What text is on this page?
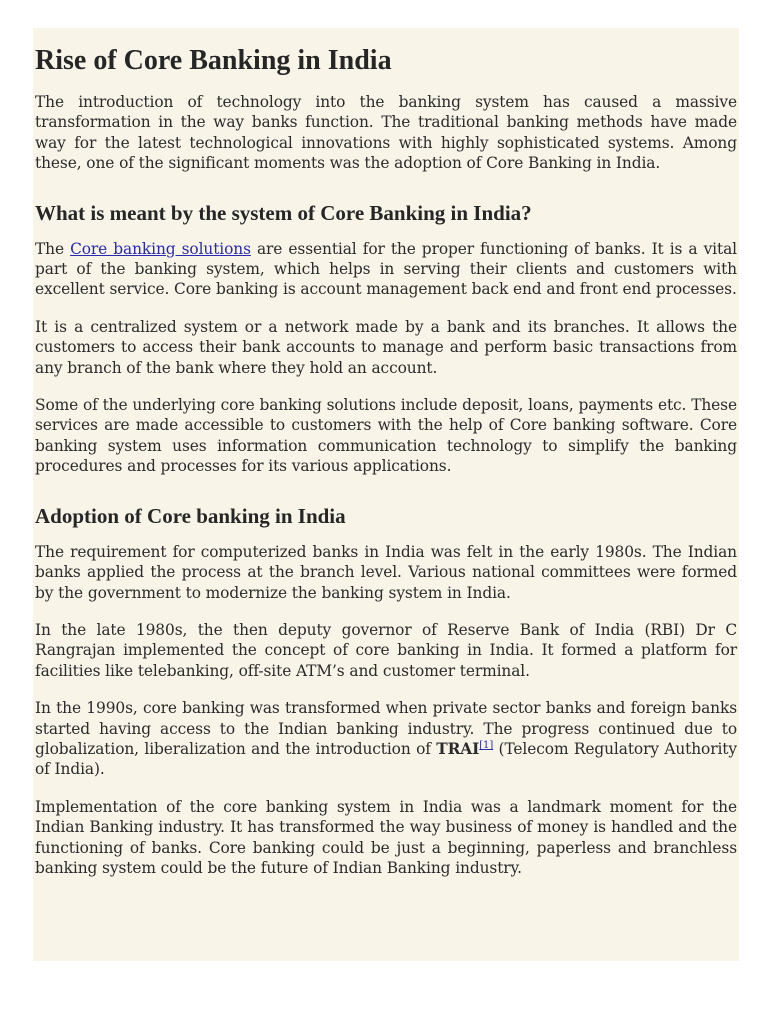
Rise of Core Banking in India

The introduction of technology into the banking system has caused a massive transformation in the way banks function. The traditional banking methods have made way for the latest technological innovations with highly sophisticated systems. Among these, one of the significant moments was the adoption of Core Banking in India.

What is meant by the system of Core Banking in India?

The Core banking solutions are essential for the proper functioning of banks. It is a vital part of the banking system, which helps in serving their clients and customers with excellent service. Core banking is account management back end and front end processes.

It is a centralized system or a network made by a bank and its branches. It allows the customers to access their bank accounts to manage and perform basic transactions from any branch of the bank where they hold an account.

Some of the underlying core banking solutions include deposit, loans, payments etc. These services are made accessible to customers with the help of Core banking software. Core banking system uses information communication technology to simplify the banking procedures and processes for its various applications.

Adoption of Core banking in India

The requirement for computerized banks in India was felt in the early 1980s. The Indian banks applied the process at the branch level. Various national committees were formed by the government to modernize the banking system in India.

In the late 1980s, the then deputy governor of Reserve Bank of India (RBI) Dr C Rangrajan implemented the concept of core banking in India. It formed a platform for facilities like telebanking, off-site ATM’s and customer terminal.

In the 1990s, core banking was transformed when private sector banks and foreign banks started having access to the Indian banking industry. The progress continued due to globalization, liberalization and the introduction of TRAI[1] (Telecom Regulatory Authority of India).

Implementation of the core banking system in India was a landmark moment for the Indian Banking industry. It has transformed the way business of money is handled and the functioning of banks. Core banking could be just a beginning, paperless and branchless banking system could be the future of Indian Banking industry.
